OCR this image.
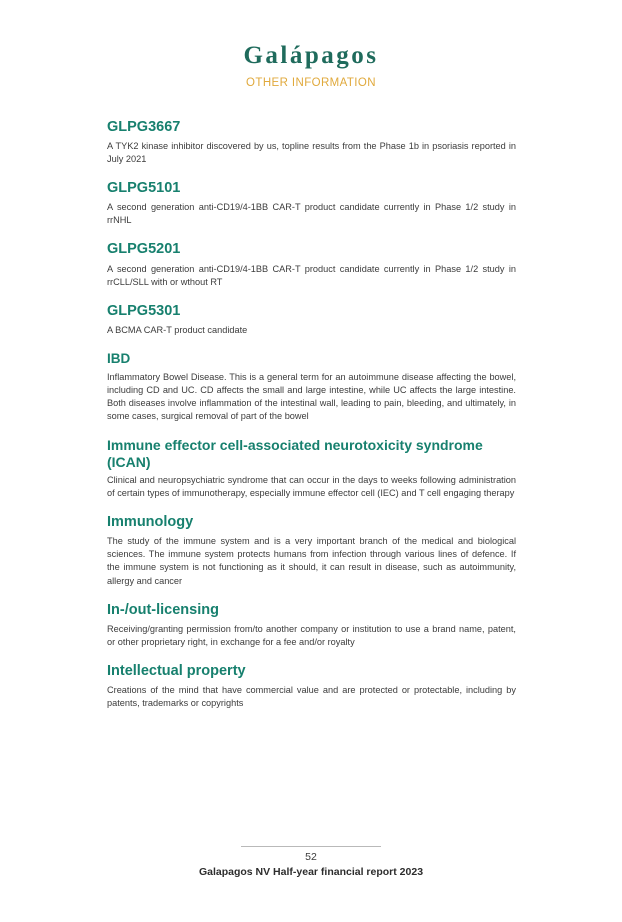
Galápagos
OTHER INFORMATION

GLPG3667

A TYK2 kinase inhibitor discovered by us, topline results from the Phase 1b in psoriasis reported in July 2021

GLPG5101

A second generation anti-CD19/4-1BB CAR-T product candidate currently in Phase 1/2 study in rrNHL

GLPG5201

A second generation anti-CD19/4-1BB CAR-T product candidate currently in Phase 1/2 study in rrCLL/SLL with or wthout RT

GLPG5301

A BCMA CAR-T product candidate

IBD

Inflammatory Bowel Disease. This is a general term for an autoimmune disease affecting the bowel, including CD and UC. CD affects the small and large intestine, while UC affects the large intestine. Both diseases involve inflammation of the intestinal wall, leading to pain, bleeding, and ultimately, in some cases, surgical removal of part of the bowel

Immune effector cell-associated neurotoxicity syndrome (ICAN)

Clinical and neuropsychiatric syndrome that can occur in the days to weeks following administration of certain types of immunotherapy, especially immune effector cell (IEC) and T cell engaging therapy

Immunology

The study of the immune system and is a very important branch of the medical and biological sciences. The immune system protects humans from infection through various lines of defence. If the immune system is not functioning as it should, it can result in disease, such as autoimmunity, allergy and cancer

In-/out-licensing

Receiving/granting permission from/to another company or institution to use a brand name, patent, or other proprietary right, in exchange for a fee and/or royalty

Intellectual property

Creations of the mind that have commercial value and are protected or protectable, including by patents, trademarks or copyrights

52
Galapagos NV Half-year financial report 2023
